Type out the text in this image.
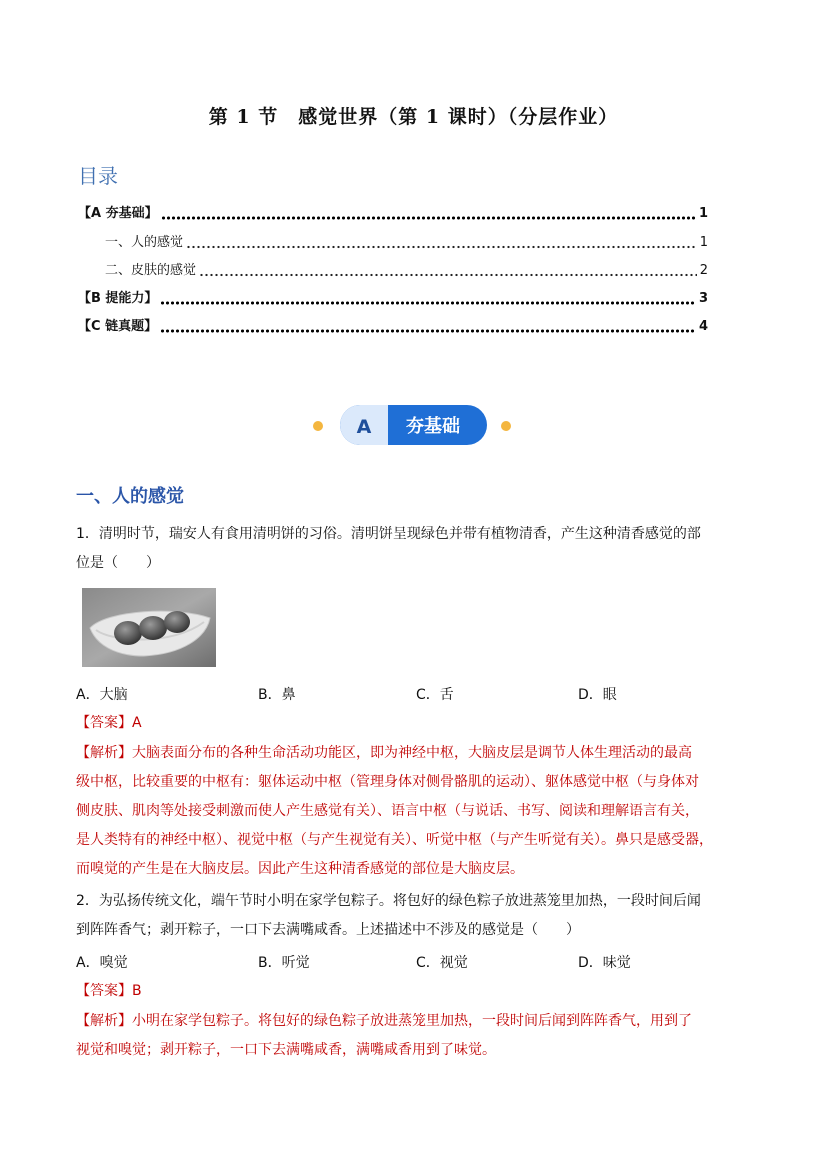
第 1 节　感觉世界（第 1 课时）（分层作业）
目录
【A 夯基础】	1
一、人的感觉	1
二、皮肤的感觉	2
【B 提能力】	3
【C 链真题】	4
A 夯基础
一、人的感觉
1．清明时节，瑞安人有食用清明饼的习俗。清明饼呈现绿色并带有植物清香，产生这种清香感觉的部
位是（　　）
A．大脑	B．鼻	C．舌	D．眼
【答案】A
【解析】大脑表面分布的各种生命活动功能区，即为神经中枢，大脑皮层是调节人体生理活动的最高
级中枢，比较重要的中枢有：躯体运动中枢（管理身体对侧骨骼肌的运动）、躯体感觉中枢（与身体对
侧皮肤、肌肉等处接受刺激而使人产生感觉有关）、语言中枢（与说话、书写、阅读和理解语言有关，
是人类特有的神经中枢）、视觉中枢（与产生视觉有关）、听觉中枢（与产生听觉有关）。鼻只是感受器，
而嗅觉的产生是在大脑皮层。因此产生这种清香感觉的部位是大脑皮层。
2．为弘扬传统文化，端午节时小明在家学包粽子。将包好的绿色粽子放进蒸笼里加热，一段时间后闻
到阵阵香气；剥开粽子，一口下去满嘴咸香。上述描述中不涉及的感觉是（　　）
A．嗅觉	B．听觉	C．视觉	D．味觉
【答案】B
【解析】小明在家学包粽子。将包好的绿色粽子放进蒸笼里加热，一段时间后闻到阵阵香气，用到了
视觉和嗅觉；剥开粽子，一口下去满嘴咸香，满嘴咸香用到了味觉。
